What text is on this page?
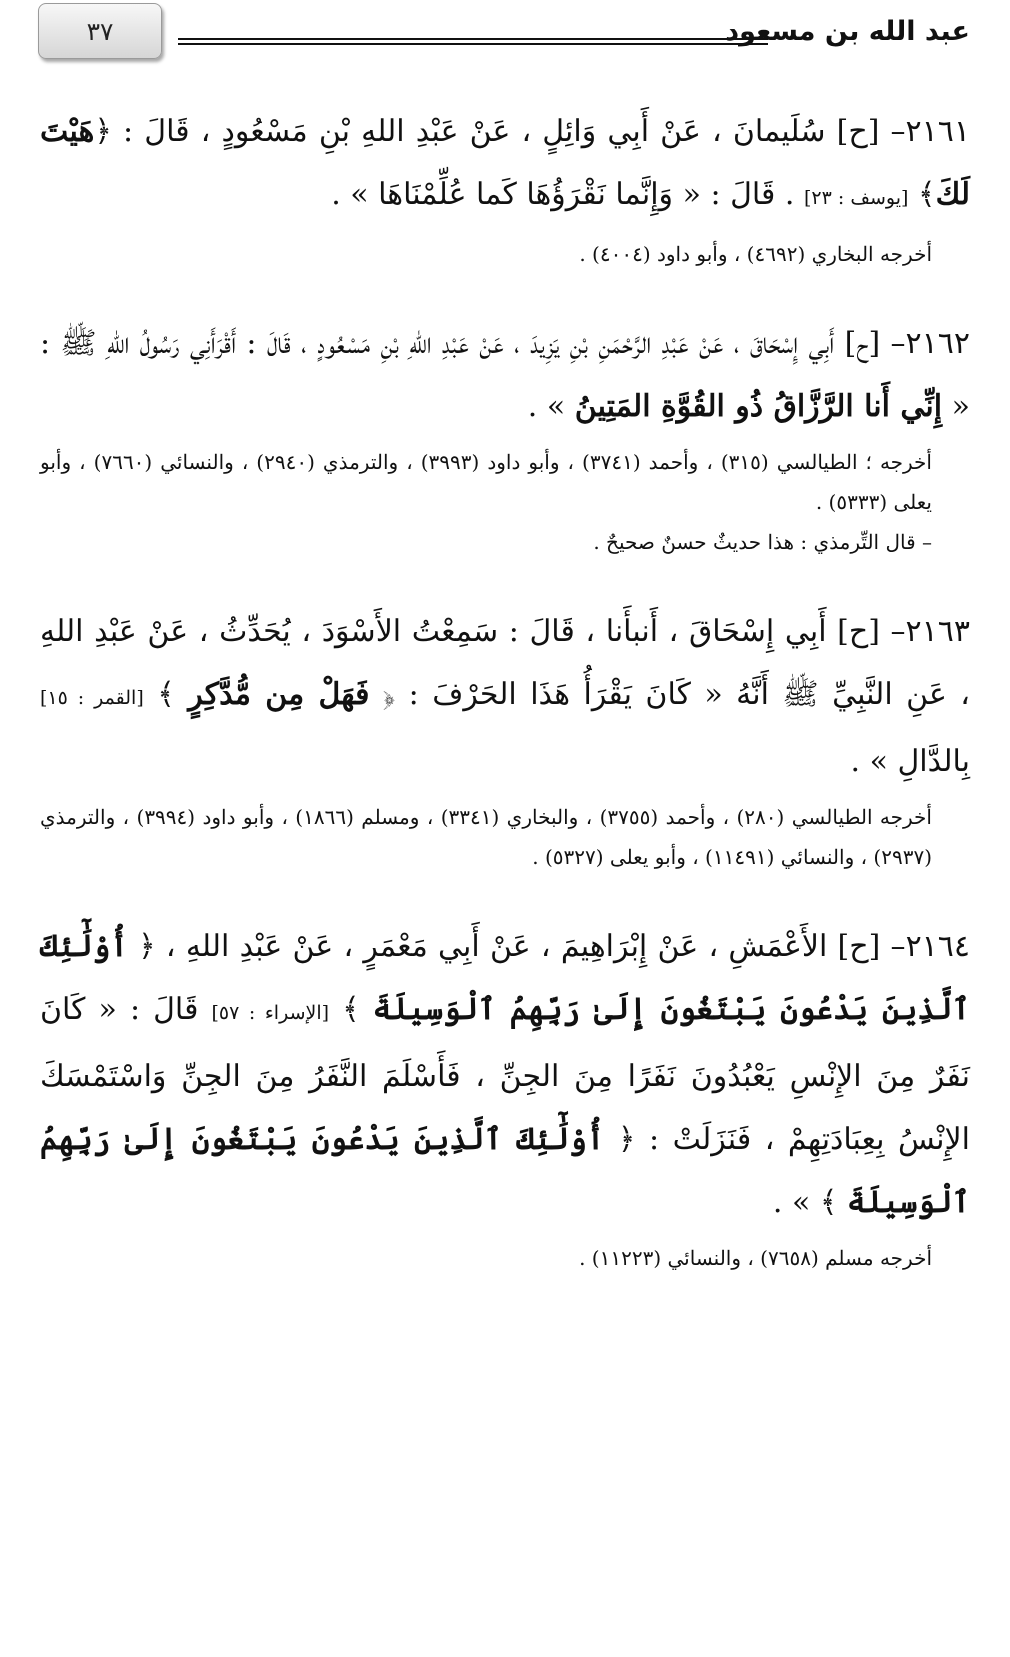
عبد الله بن مسعود
٣٧

٢١٦١– [ح] سُلَيمانَ ، عَنْ أَبِي وَائِلٍ ، عَنْ عَبْدِ اللهِ بْنِ مَسْعُودٍ ، قَالَ : ﴿هَيْتَ لَكَ﴾ [يوسف : ٢٣] . قَالَ : « وَإِنَّما نَقْرَؤُهَا كَما عُلِّمْنَاهَا » .

أخرجه البخاري (٤٦٩٢) ، وأبو داود (٤٠٠٤) .

٢١٦٢– [ح] أَبِي إِسْحَاقَ ، عَنْ عَبْدِ الرَّحْمَنِ بْنِ يَزِيدَ ، عَنْ عَبْدِ اللهِ بْنِ مَسْعُودٍ ، قَالَ : أَقْرَأَنِي رَسُولُ اللهِ ﷺ : « إِنِّي أَنا الرَّزَّاقُ ذُو القُوَّةِ المَتِينُ » .

أخرجه ؛ الطيالسي (٣١٥) ، وأحمد (٣٧٤١) ، وأبو داود (٣٩٩٣) ، والترمذي (٢٩٤٠) ، والنسائي (٧٦٦٠) ، وأبو يعلى (٥٣٣٣) .

– قال التِّرمذي : هذا حديثٌ حسنٌ صحيحٌ .

٢١٦٣– [ح] أَبِي إِسْحَاقَ ، أَنبأَنا ، قَالَ : سَمِعْتُ الأَسْوَدَ ، يُحَدِّثُ ، عَنْ عَبْدِ اللهِ ، عَنِ النَّبِيِّ ﷺ أَنَّهُ « كَانَ يَقْرَأُ هَذَا الحَرْفَ : ﴿ فَهَلْ مِن مُّدَّكِرٍ ﴾ [القمر : ١٥] بِالدَّالِ » .

أخرجه الطيالسي (٢٨٠) ، وأحمد (٣٧٥٥) ، والبخاري (٣٣٤١) ، ومسلم (١٨٦٦) ، وأبو داود (٣٩٩٤) ، والترمذي (٢٩٣٧) ، والنسائي (١١٤٩١) ، وأبو يعلى (٥٣٢٧) .

٢١٦٤– [ح] الأَعْمَشِ ، عَنْ إِبْرَاهِيمَ ، عَنْ أَبِي مَعْمَرٍ ، عَنْ عَبْدِ اللهِ ، ﴿ أُوْلَٰٓئِكَ ٱلَّذِينَ يَدْعُونَ يَبْتَغُونَ إِلَىٰ رَبِّهِمُ ٱلْوَسِيلَةَ ﴾ [الإسراء : ٥٧] قَالَ : « كَانَ نَفَرٌ مِنَ الإِنْسِ يَعْبُدُونَ نَفَرًا مِنَ الجِنِّ ، فَأَسْلَمَ النَّفَرُ مِنَ الجِنِّ وَاسْتَمْسَكَ الإِنْسُ بِعِبَادَتِهِمْ ، فَنَزَلَتْ : ﴿ أُوْلَٰٓئِكَ ٱلَّذِينَ يَدْعُونَ يَبْتَغُونَ إِلَىٰ رَبِّهِمُ ٱلْوَسِيلَةَ ﴾ » .

أخرجه مسلم (٧٦٥٨) ، والنسائي (١١٢٢٣) .
